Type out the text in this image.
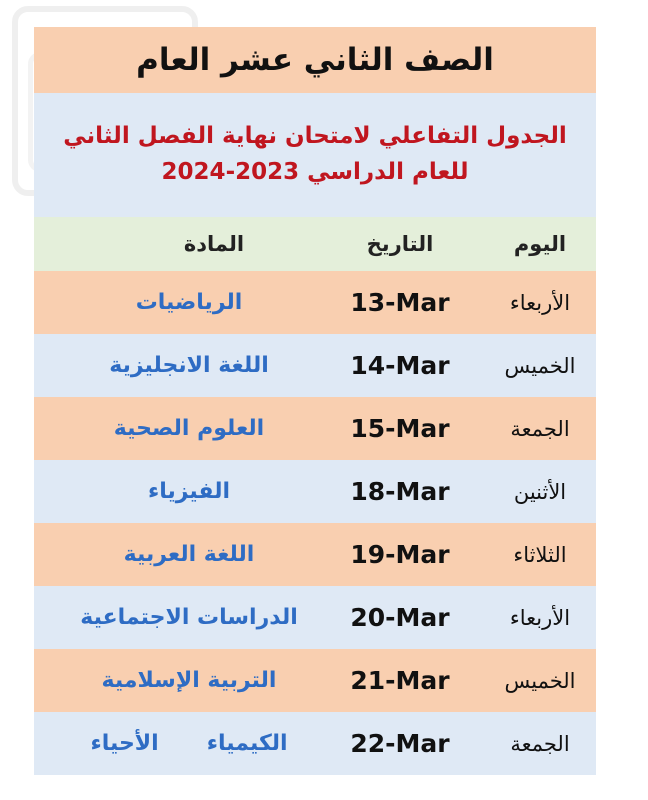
الصف الثاني عشر العام
الجدول التفاعلي لامتحان نهاية الفصل الثاني
للعام الدراسي 2023-2024
اليوم
التاريخ
المادة
الأربعاء
13-Mar
الرياضيات
الخميس
14-Mar
اللغة الانجليزية
الجمعة
15-Mar
العلوم الصحية
الأثنين
18-Mar
الفيزياء
الثلاثاء
19-Mar
اللغة العربية
الأربعاء
20-Mar
الدراسات الاجتماعية
الخميس
21-Mar
التربية الإسلامية
الجمعة
22-Mar
الكيمياء
الأحياء
